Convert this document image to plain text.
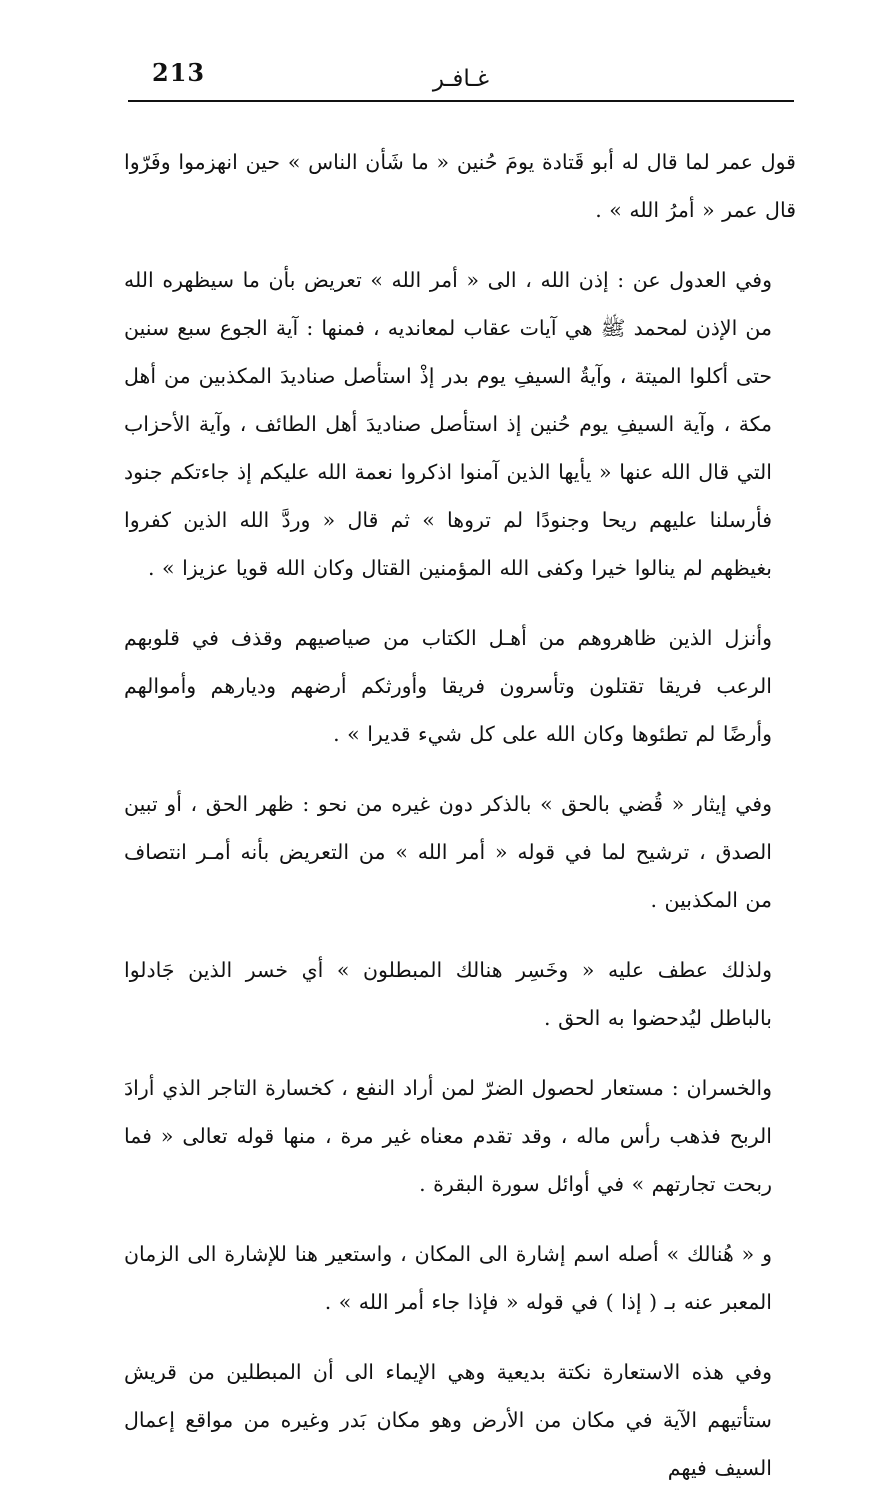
213	غـافـر

قول عمر لما قال له أبو قَتادة يومَ حُنين « ما شَأن الناس » حين انهزموا وفَرّوا قال عمر « أمرُ الله » .

وفي العدول عن : إذن الله ، الى « أمر الله » تعريض بأن ما سيظهره الله من الإذن لمحمد ﷺ هي آيات عقاب لمعانديه ، فمنها : آية الجوع سبع سنين حتى أكلوا الميتة ، وآيةُ السيفِ يوم بدر إذْ استأصل صناديدَ المكذبين من أهل مكة ، وآية السيفِ يوم حُنين إذ استأصل صناديدَ أهل الطائف ، وآية الأحزاب التي قال الله عنها « يأيها الذين آمنوا اذكروا نعمة الله عليكم إذ جاءتكم جنود فأرسلنا عليهم ريحا وجنودًا لم تروها » ثم قال « وردَّ الله الذين كفروا بغيظهم لم ينالوا خيرا وكفى الله المؤمنين القتال وكان الله قويا عزيزا » .

وأنزل الذين ظاهروهم من أهـل الكتاب من صياصيهم وقذف في قلوبهم الرعب فريقا تقتلون وتأسرون فريقا وأورثكم أرضهم وديارهم وأموالهم وأرضًا لم تطئوها وكان الله على كل شيء قديرا » .

وفي إيثار « قُضي بالحق » بالذكر دون غيره من نحو : ظهر الحق ، أو تبين الصدق ، ترشيح لما في قوله « أمر الله » من التعريض بأنه أمـر انتصاف من المكذبين .

ولذلك عطف عليه « وخَسِر هنالك المبطلون » أي خسر الذين جَادلوا بالباطل ليُدحضوا به الحق .

والخسران : مستعار لحصول الضرّ لمن أراد النفع ، كخسارة التاجر الذي أرادَ الربح فذهب رأس ماله ، وقد تقدم معناه غير مرة ، منها قوله تعالى « فما ربحت تجارتهم » في أوائل سورة البقرة .

و « هُنالك » أصله اسم إشارة الى المكان ، واستعير هنا للإشارة الى الزمان المعبر عنه بـ ( إذا ) في قوله « فإذا جاء أمر الله » .

وفي هذه الاستعارة نكتة بديعية وهي الإيماء الى أن المبطلين من قريش ستأتيهم الآية في مكان من الأرض وهو مكان بَدر وغيره من مواقع إعمال السيف فيهم
